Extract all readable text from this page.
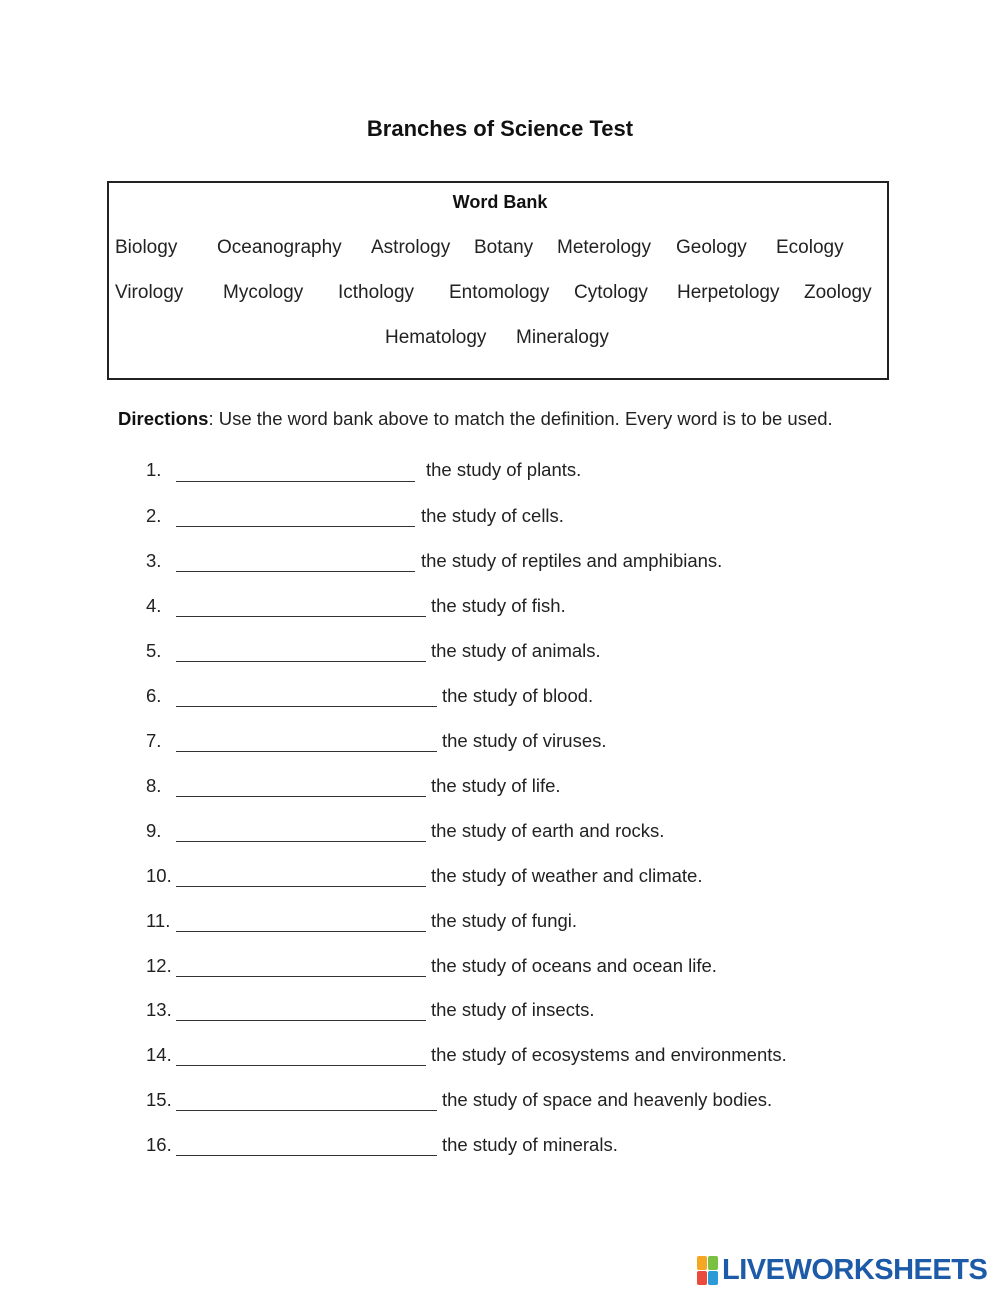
Branches of Science Test
Word Bank
Biology Oceanography Astrology Botany Meterology Geology Ecology
Virology Mycology Icthology Entomology Cytology Herpetology Zoology
Hematology Mineralogy
Directions: Use the word bank above to match the definition. Every word is to be used.
1.	the study of plants.
2.	the study of cells.
3.	the study of reptiles and amphibians.
4.	the study of fish.
5.	the study of animals.
6.	the study of blood.
7.	the study of viruses.
8.	the study of life.
9.	the study of earth and rocks.
10.	the study of weather and climate.
11.	the study of fungi.
12.	the study of oceans and ocean life.
13.	the study of insects.
14.	the study of ecosystems and environments.
15.	the study of space and heavenly bodies.
16.	the study of minerals.
LIVEWORKSHEETS
